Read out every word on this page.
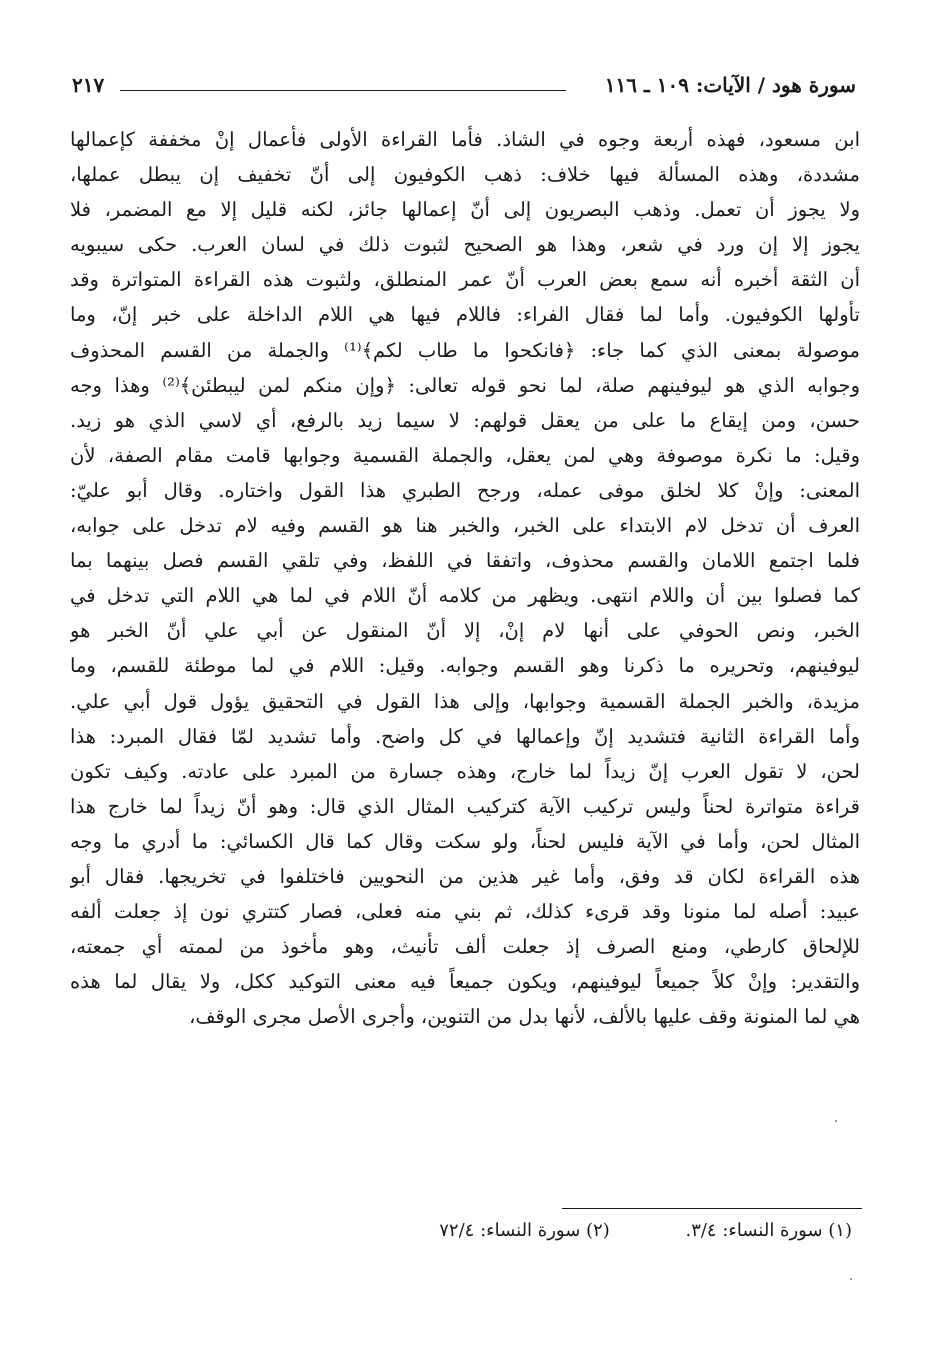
سورة هود / الآيات: ١٠٩ ـ ١١٦
٢١٧
ابن مسعود، فهذه أربعة وجوه في الشاذ. فأما القراءة الأولى فأعمال إنْ مخففة كإعمالها
مشددة، وهذه المسألة فيها خلاف: ذهب الكوفيون إلى أنّ تخفيف إن يبطل عملها،
ولا يجوز أن تعمل. وذهب البصريون إلى أنّ إعمالها جائز، لكنه قليل إلا مع المضمر، فلا
يجوز إلا إن ورد في شعر، وهذا هو الصحيح لثبوت ذلك في لسان العرب. حكى سيبويه
أن الثقة أخبره أنه سمع بعض العرب أنّ عمر المنطلق، ولثبوت هذه القراءة المتواترة وقد
تأولها الكوفيون. وأما لما فقال الفراء: فاللام فيها هي اللام الداخلة على خبر إنّ، وما
موصولة بمعنى الذي كما جاء: ﴿فانكحوا ما طاب لكم﴾⁽¹⁾ والجملة من القسم المحذوف
وجوابه الذي هو ليوفينهم صلة، لما نحو قوله تعالى: ﴿وإن منكم لمن ليبطئن﴾⁽²⁾ وهذا وجه
حسن، ومن إيقاع ما على من يعقل قولهم: لا سيما زيد بالرفع، أي لاسي الذي هو زيد.
وقيل: ما نكرة موصوفة وهي لمن يعقل، والجملة القسمية وجوابها قامت مقام الصفة، لأن
المعنى: وإنْ كلا لخلق موفى عمله، ورجح الطبري هذا القول واختاره. وقال أبو عليّ:
العرف أن تدخل لام الابتداء على الخبر، والخبر هنا هو القسم وفيه لام تدخل على جوابه،
فلما اجتمع اللامان والقسم محذوف، واتفقا في اللفظ، وفي تلقي القسم فصل بينهما بما
كما فصلوا بين أن واللام انتهى. ويظهر من كلامه أنّ اللام في لما هي اللام التي تدخل في
الخبر، ونص الحوفي على أنها لام إنْ، إلا أنّ المنقول عن أبي علي أنّ الخبر هو
ليوفينهم، وتحريره ما ذكرنا وهو القسم وجوابه. وقيل: اللام في لما موطئة للقسم، وما
مزيدة، والخبر الجملة القسمية وجوابها، وإلى هذا القول في التحقيق يؤول قول أبي علي.
وأما القراءة الثانية فتشديد إنّ وإعمالها في كل واضح. وأما تشديد لمّا فقال المبرد: هذا
لحن، لا تقول العرب إنّ زيداً لما خارج، وهذه جسارة من المبرد على عادته. وكيف تكون
قراءة متواترة لحناً وليس تركيب الآية كتركيب المثال الذي قال: وهو أنّ زيداً لما خارج هذا
المثال لحن، وأما في الآية فليس لحناً، ولو سكت وقال كما قال الكسائي: ما أدري ما وجه
هذه القراءة لكان قد وفق، وأما غير هذين من النحويين فاختلفوا في تخريجها. فقال أبو
عبيد: أصله لما منونا وقد قرىء كذلك، ثم بني منه فعلى، فصار كتتري نون إذ جعلت ألفه
للإلحاق كارطي، ومنع الصرف إذ جعلت ألف تأنيث، وهو مأخوذ من لممته أي جمعته،
والتقدير: وإنْ كلاً جميعاً ليوفينهم، ويكون جميعاً فيه معنى التوكيد ككل، ولا يقال لما هذه
هي لما المنونة وقف عليها بالألف، لأنها بدل من التنوين، وأجرى الأصل مجرى الوقف،
(١) سورة النساء: ٣/٤. (٢) سورة النساء: ٧٢/٤
